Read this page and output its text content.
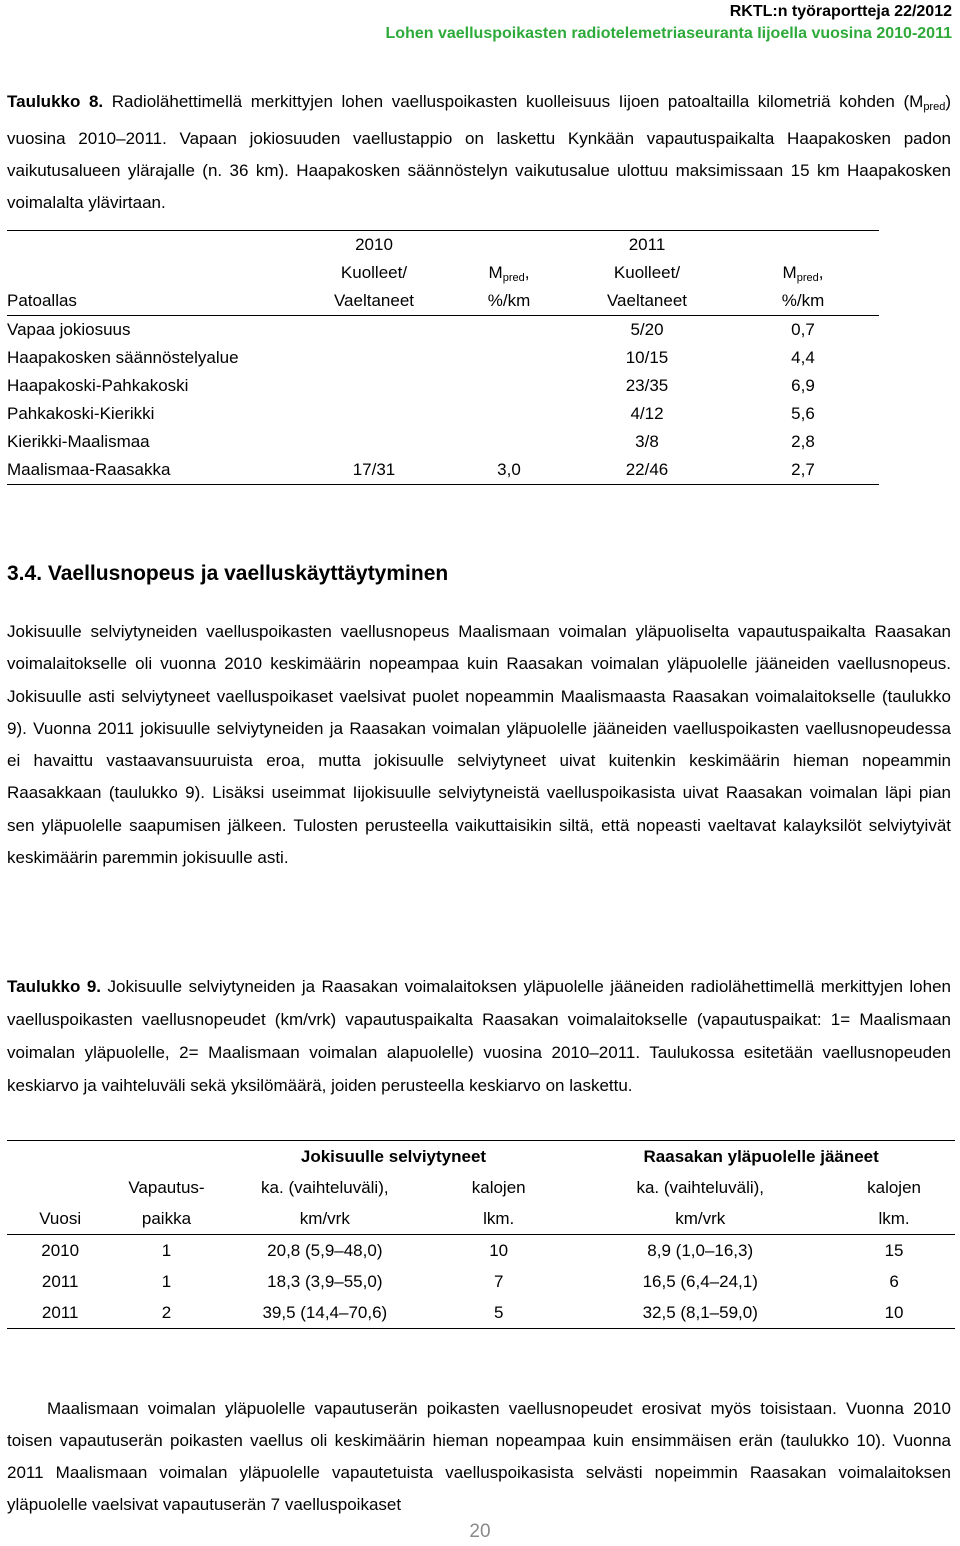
RKTL:n työraportteja 22/2012
Lohen vaelluspoikasten radiotelemetriaseuranta Iijoella vuosina 2010-2011

Taulukko 8. Radiolähettimellä merkittyjen lohen vaelluspoikasten kuolleisuus Iijoen patoaltailla kilometriä kohden $(M_{pred})$ vuosina 2010–2011. Vapaan jokiosuuden vaellustappio on laskettu Kynkään vapautuspaikalta Haapakosken padon vaikutusalueen ylärajalle (n. 36 km). Haapakosken säännöstelyn vaikutusalue ulottuu maksimissaan 15 km Haapakosken voimalalta ylävirtaan.

	2010		2011	
	Kuolleet/	$M_{pred}$,	Kuolleet/	$M_{pred}$,
Patoallas	Vaeltaneet	%/km	Vaeltaneet	%/km
Vapaa jokiosuus			5/20	0,7
Haapakosken säännöstelyalue			10/15	4,4
Haapakoski-Pahkakoski			23/35	6,9
Pahkakoski-Kierikki			4/12	5,6
Kierikki-Maalismaa			3/8	2,8
Maalismaa-Raasakka	17/31	3,0	22/46	2,7
3.4. Vaellusnopeus ja vaelluskäyttäytyminen

Jokisuulle selviytyneiden vaelluspoikasten vaellusnopeus Maalismaan voimalan yläpuoliselta vapautuspaikalta Raasakan voimalaitokselle oli vuonna 2010 keskimäärin nopeampaa kuin Raasakan voimalan yläpuolelle jääneiden vaellusnopeus. Jokisuulle asti selviytyneet vaelluspoikaset vaelsivat puolet nopeammin Maalismaasta Raasakan voimalaitokselle (taulukko 9). Vuonna 2011 jokisuulle selviytyneiden ja Raasakan voimalan yläpuolelle jääneiden vaelluspoikasten vaellusnopeudessa ei havaittu vastaavansuuruista eroa, mutta jokisuulle selviytyneet uivat kuitenkin keskimäärin hieman nopeammin Raasakkaan (taulukko 9). Lisäksi useimmat Iijokisuulle selviytyneistä vaelluspoikasista uivat Raasakan voimalan läpi pian sen yläpuolelle saapumisen jälkeen. Tulosten perusteella vaikuttaisikin siltä, että nopeasti vaeltavat kalayksilöt selviytyivät keskimäärin paremmin jokisuulle asti.

Taulukko 9. Jokisuulle selviytyneiden ja Raasakan voimalaitoksen yläpuolelle jääneiden radiolähettimellä merkittyjen lohen vaelluspoikasten vaellusnopeudet (km/vrk) vapautuspaikalta Raasakan voimalaitokselle (vapautuspaikat: 1= Maalismaan voimalan yläpuolelle, 2= Maalismaan voimalan alapuolelle) vuosina 2010–2011. Taulukossa esitetään vaellusnopeuden keskiarvo ja vaihteluväli sekä yksilömäärä, joiden perusteella keskiarvo on laskettu.

		Jokisuulle selviytyneet		Raasakan yläpuolelle jääneet	
	Vapautus-	ka. (vaihteluväli),	kalojen	ka. (vaihteluväli),	kalojen
Vuosi	paikka	km/vrk	lkm.	km/vrk	lkm.
2010	1	20,8 (5,9–48,0)	10	8,9 (1,0–16,3)	15
2011	1	18,3 (3,9–55,0)	7	16,5 (6,4–24,1)	6
2011	2	39,5 (14,4–70,6)	5	32,5 (8,1–59,0)	10

Maalismaan voimalan yläpuolelle vapautuserän poikasten vaellusnopeudet erosivat myös toisistaan. Vuonna 2010 toisen vapautuserän poikasten vaellus oli keskimäärin hieman nopeampaa kuin ensimmäisen erän (taulukko 10). Vuonna 2011 Maalismaan voimalan yläpuolelle vapautetuista vaelluspoikasista selvästi nopeimmin Raasakan voimalaitoksen yläpuolelle vaelsivat vapautuserän 7 vaelluspoikaset

20
